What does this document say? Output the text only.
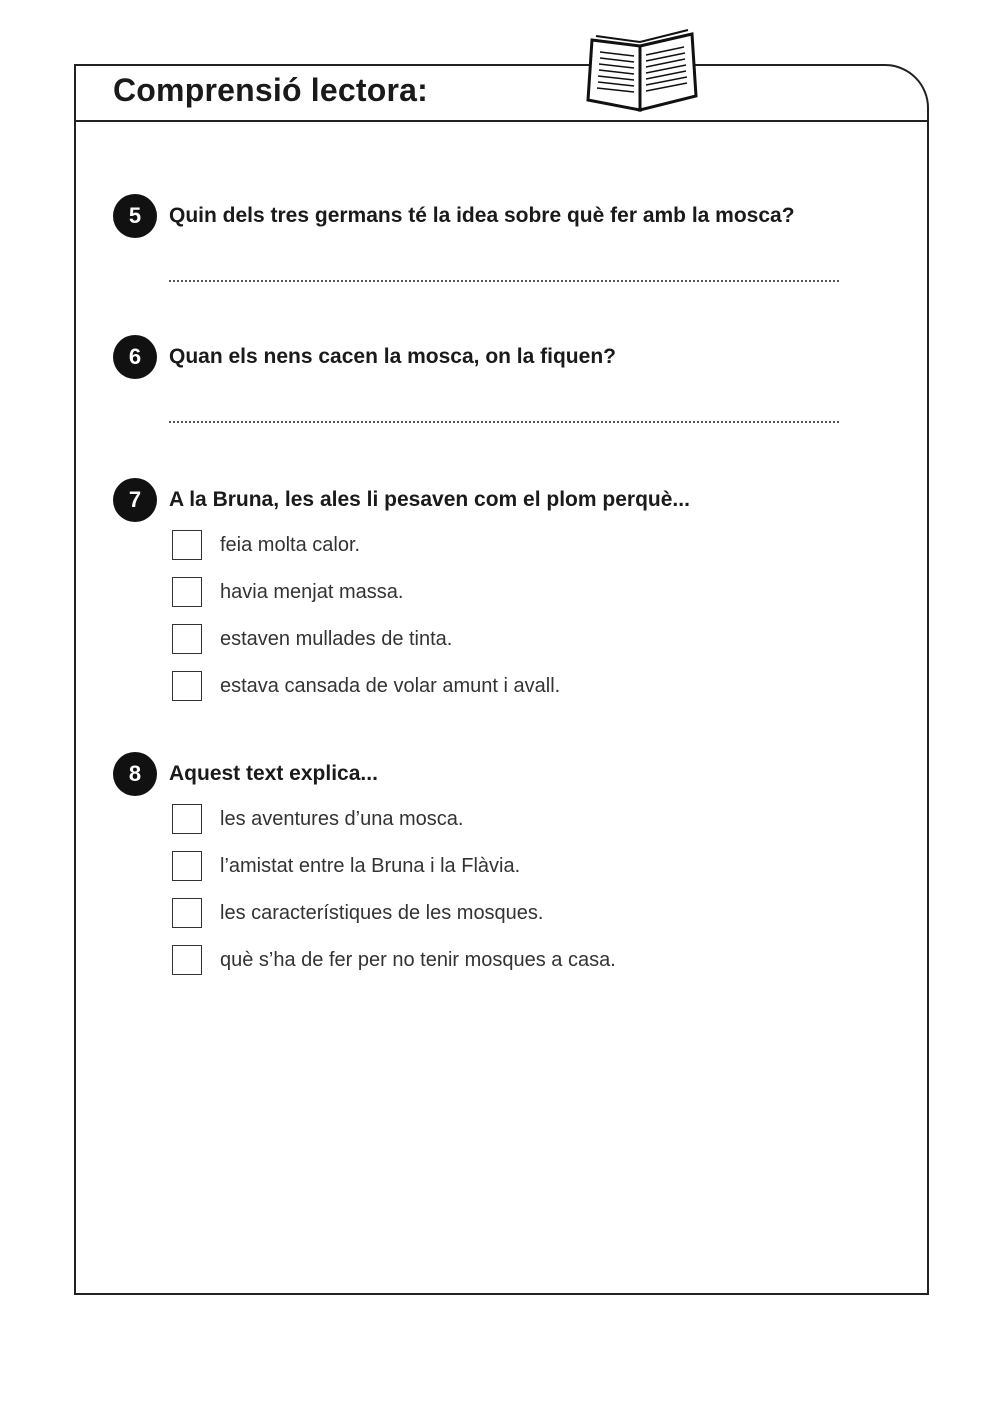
Comprensió lectora:
5	Quin dels tres germans té la idea sobre què fer amb la mosca?
6	Quan els nens cacen la mosca, on la fiquen?
7	A la Bruna, les ales li pesaven com el plom perquè...
feia molta calor.
havia menjat massa.
estaven mullades de tinta.
estava cansada de volar amunt i avall.
8	Aquest text explica...
les aventures d’una mosca.
l’amistat entre la Bruna i la Flàvia.
les característiques de les mosques.
què s’ha de fer per no tenir mosques a casa.
